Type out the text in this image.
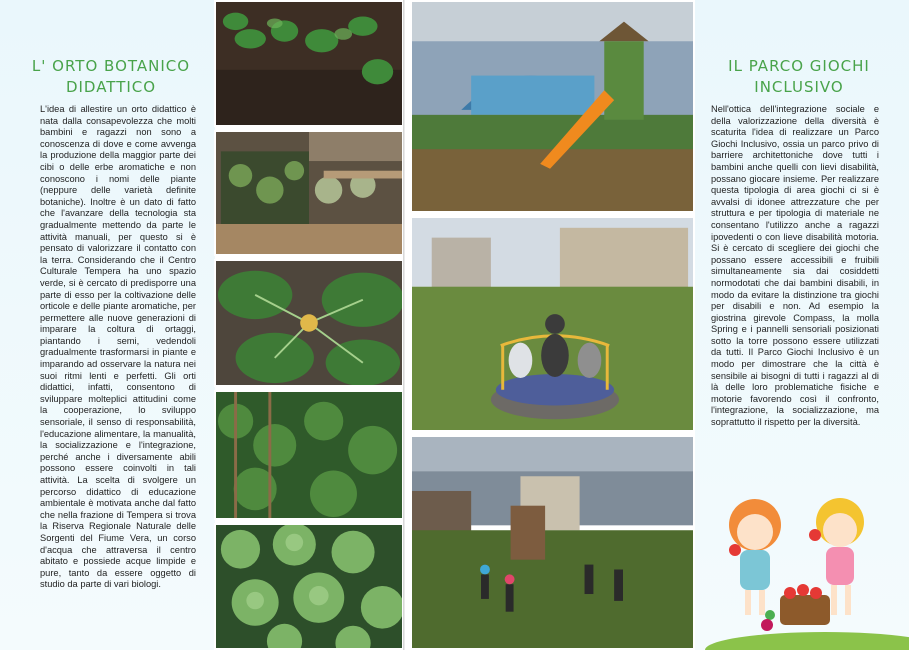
L' ORTO BOTANICO DIDATTICO

L'idea di allestire un orto didattico è nata dalla consapevolezza che molti bambini e ragazzi non sono a conoscenza di dove e come avvenga la produzione della maggior parte dei cibi o delle erbe aromatiche e non conoscono i nomi delle piante (neppure delle varietà definite botaniche). Inoltre è un dato di fatto che l'avanzare della tecnologia sta gradualmente mettendo da parte le attività manuali, per questo si è pensato di valorizzare il contatto con la terra. Considerando che il Centro Culturale Tempera ha uno spazio verde, si è cercato di predisporre una parte di esso per la coltivazione delle orticole e delle piante aromatiche, per permettere alle nuove generazioni di imparare la coltura di ortaggi, piantando i semi, vedendoli gradualmente trasformarsi in piante e imparando ad osservare la natura nei suoi ritmi lenti e perfetti. Gli orti didattici, infatti, consentono di sviluppare molteplici attitudini come la cooperazione, lo sviluppo sensoriale, il senso di responsabilità, l'educazione alimentare, la manualità, la socializzazione e l'integrazione, perché anche i diversamente abili possono essere coinvolti in tali attività. La scelta di svolgere un percorso didattico di educazione ambientale è motivata anche dal fatto che nella frazione di Tempera si trova la Riserva Regionale Naturale delle Sorgenti del Fiume Vera, un corso d'acqua che attraversa il centro abitato e possiede acque limpide e pure, tanto da essere oggetto di studio da parte di vari biologi.

IL PARCO GIOCHI INCLUSIVO

Nell'ottica dell'integrazione sociale e della valorizzazione della diversità è scaturita l'idea di realizzare un Parco Giochi Inclusivo, ossia un parco privo di barriere architettoniche dove tutti i bambini anche quelli con lievi disabilità, possano giocare insieme. Per realizzare questa tipologia di area giochi ci si è avvalsi di idonee attrezzature che per struttura e per tipologia di materiale ne consentano l'utilizzo anche a ragazzi ipovedenti o con lieve disabilità motoria. Si è cercato di scegliere dei giochi che possano essere accessibili e fruibili simultaneamente sia dai cosiddetti normodotati che dai bambini disabili, in modo da evitare la distinzione tra giochi per disabili e non. Ad esempio la giostrina girevole Compass, la molla Spring e i pannelli sensoriali posizionati sotto la torre possono essere utilizzati da tutti. Il Parco Giochi Inclusivo è un modo per dimostrare che la città è sensibile ai bisogni di tutti i ragazzi al di là delle loro problematiche fisiche e motorie favorendo così il confronto, l'integrazione, la socializzazione, ma soprattutto il rispetto per la diversità.
